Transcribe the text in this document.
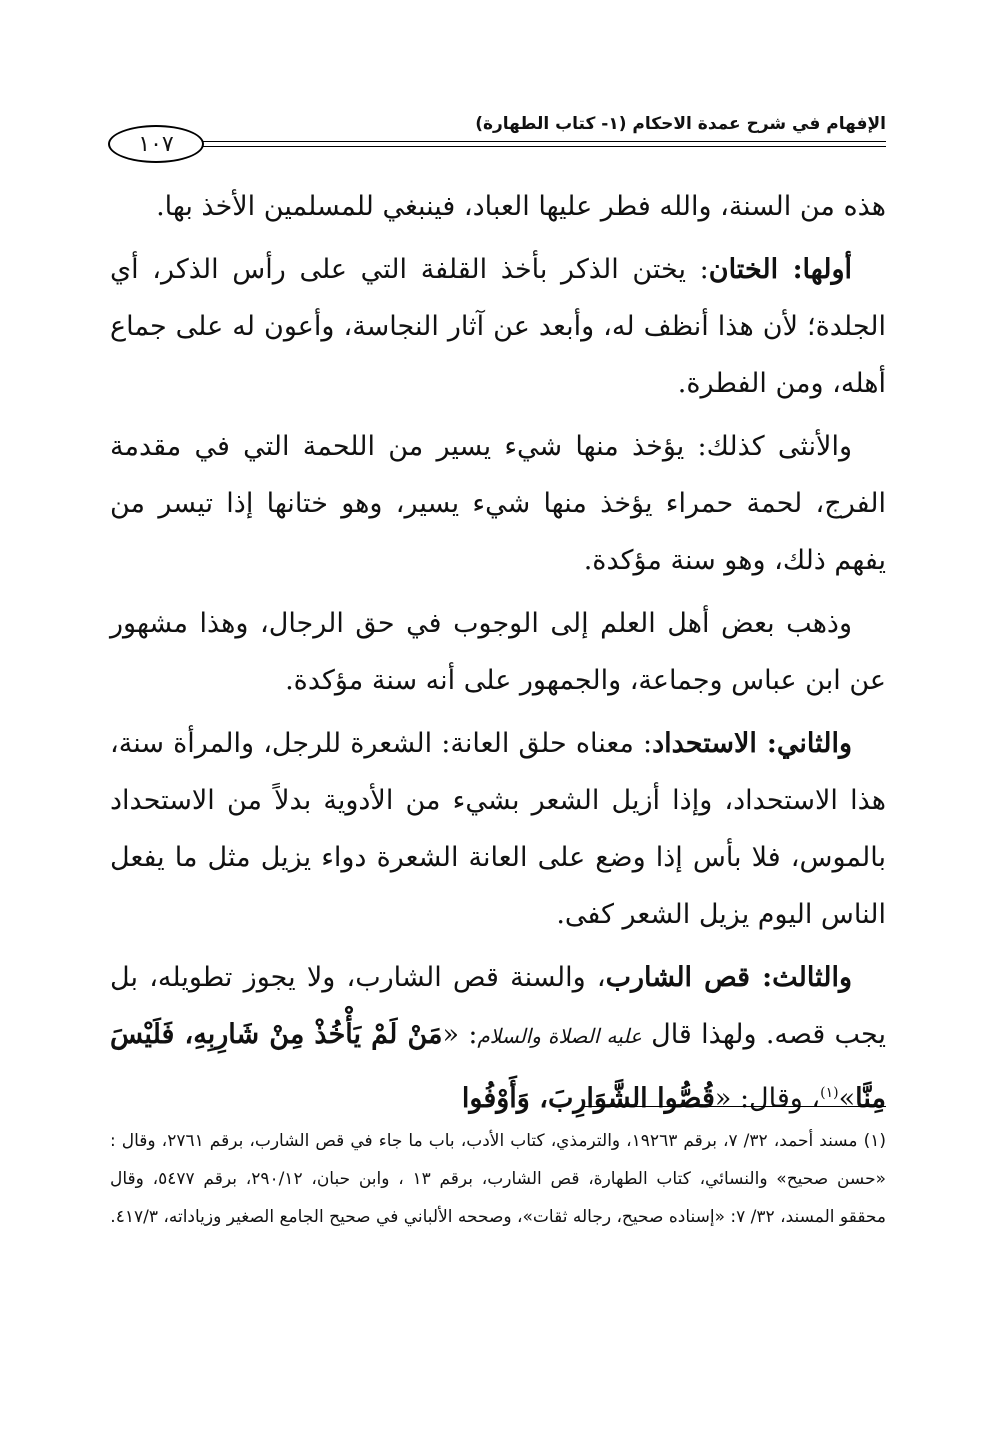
الإفهام في شرح عمدة الاحكام (١- كتاب الطهارة)
١٠٧

هذه من السنة، والله فطر عليها العباد، فينبغي للمسلمين الأخذ بها.

أولها: الختان: يختن الذكر بأخذ القلفة التي على رأس الذكر، أي الجلدة؛ لأن هذا أنظف له، وأبعد عن آثار النجاسة، وأعون له على جماع أهله، ومن الفطرة.

والأنثى كذلك: يؤخذ منها شيء يسير من اللحمة التي في مقدمة الفرج، لحمة حمراء يؤخذ منها شيء يسير، وهو ختانها إذا تيسر من يفهم ذلك، وهو سنة مؤكدة.

وذهب بعض أهل العلم إلى الوجوب في حق الرجال، وهذا مشهور عن ابن عباس وجماعة، والجمهور على أنه سنة مؤكدة.

والثاني: الاستحداد: معناه حلق العانة: الشعرة للرجل، والمرأة سنة، هذا الاستحداد، وإذا أزيل الشعر بشيء من الأدوية بدلاً من الاستحداد بالموس، فلا بأس إذا وضع على العانة الشعرة دواء يزيل مثل ما يفعل الناس اليوم يزيل الشعر كفى.

والثالث: قص الشارب، والسنة قص الشارب، ولا يجوز تطويله، بل يجب قصه. ولهذا قال عليه الصلاة والسلام: «مَنْ لَمْ يَأْخُذْ مِنْ شَارِبِهِ، فَلَيْسَ مِنَّا»$^{(١)}$، وقال: «قُصُّوا الشَّوَارِبَ، وَأَوْفُوا

(١) مسند أحمد، ٣٢/ ٧، برقم ١٩٢٦٣، والترمذي، كتاب الأدب، باب ما جاء في قص الشارب، برقم ٢٧٦١، وقال : «حسن صحيح» والنسائي، كتاب الطهارة، قص الشارب، برقم ١٣ ، وابن حبان، ٢٩٠/١٢، برقم ٥٤٧٧، وقال محققو المسند، ٣٢/ ٧: «إسناده صحيح، رجاله ثقات»، وصححه الألباني في صحيح الجامع الصغير وزياداته، ٤١٧/٣.
